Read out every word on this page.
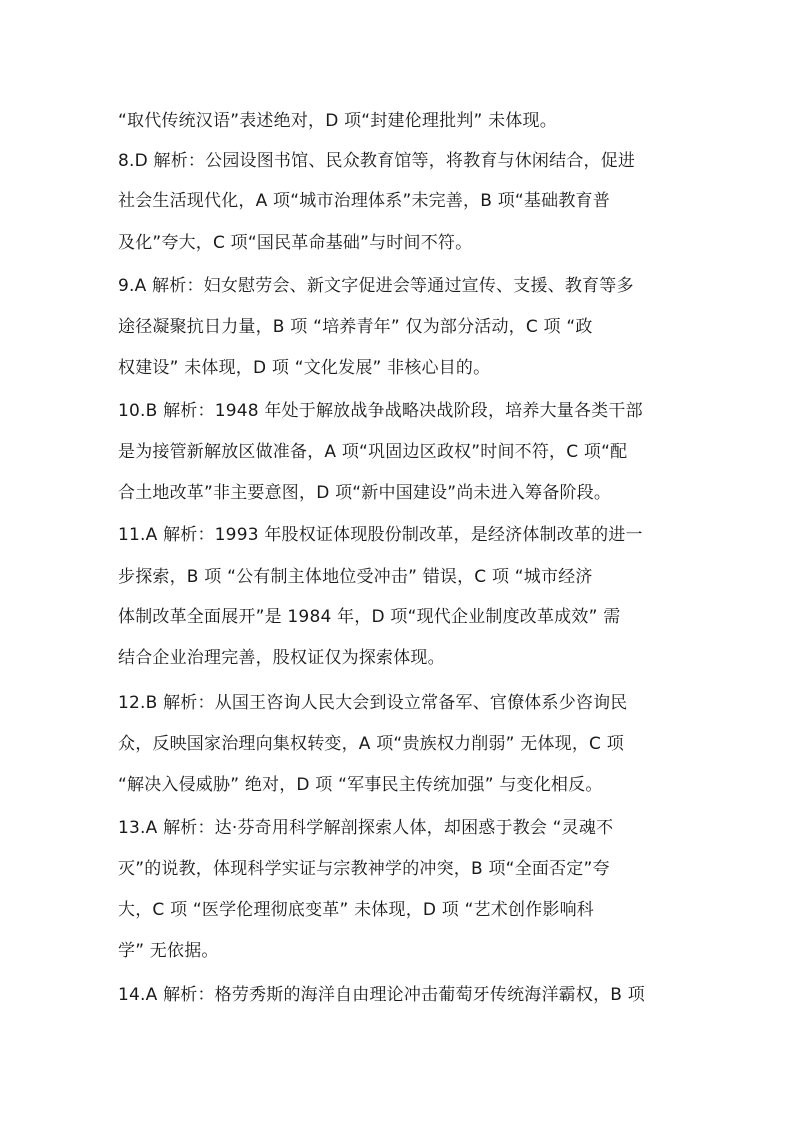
“取代传统汉语”表述绝对，D 项“封建伦理批判” 未体现。
8.D 解析：公园设图书馆、民众教育馆等，将教育与休闲结合，促进
社会生活现代化，A 项“城市治理体系”未完善，B 项“基础教育普
及化”夸大，C 项“国民革命基础”与时间不符。
9.A 解析：妇女慰劳会、新文字促进会等通过宣传、支援、教育等多
途径凝聚抗日力量，B 项 “培养青年” 仅为部分活动，C 项 “政
权建设” 未体现，D 项 “文化发展” 非核心目的。
10.B 解析：1948 年处于解放战争战略决战阶段，培养大量各类干部
是为接管新解放区做准备，A 项“巩固边区政权”时间不符，C 项“配
合土地改革”非主要意图，D 项“新中国建设”尚未进入筹备阶段。
11.A 解析：1993 年股权证体现股份制改革，是经济体制改革的进一
步探索，B 项 “公有制主体地位受冲击” 错误，C 项 “城市经济
体制改革全面展开”是 1984 年，D 项“现代企业制度改革成效” 需
结合企业治理完善，股权证仅为探索体现。
12.B 解析：从国王咨询人民大会到设立常备军、官僚体系少咨询民
众，反映国家治理向集权转变，A 项“贵族权力削弱” 无体现，C 项
“解决入侵威胁” 绝对，D 项 “军事民主传统加强” 与变化相反。
13.A 解析：达·芬奇用科学解剖探索人体，却困惑于教会 “灵魂不
灭”的说教，体现科学实证与宗教神学的冲突，B 项“全面否定”夸
大，C 项 “医学伦理彻底变革” 未体现，D 项 “艺术创作影响科
学” 无依据。
14.A 解析：格劳秀斯的海洋自由理论冲击葡萄牙传统海洋霸权，B 项
